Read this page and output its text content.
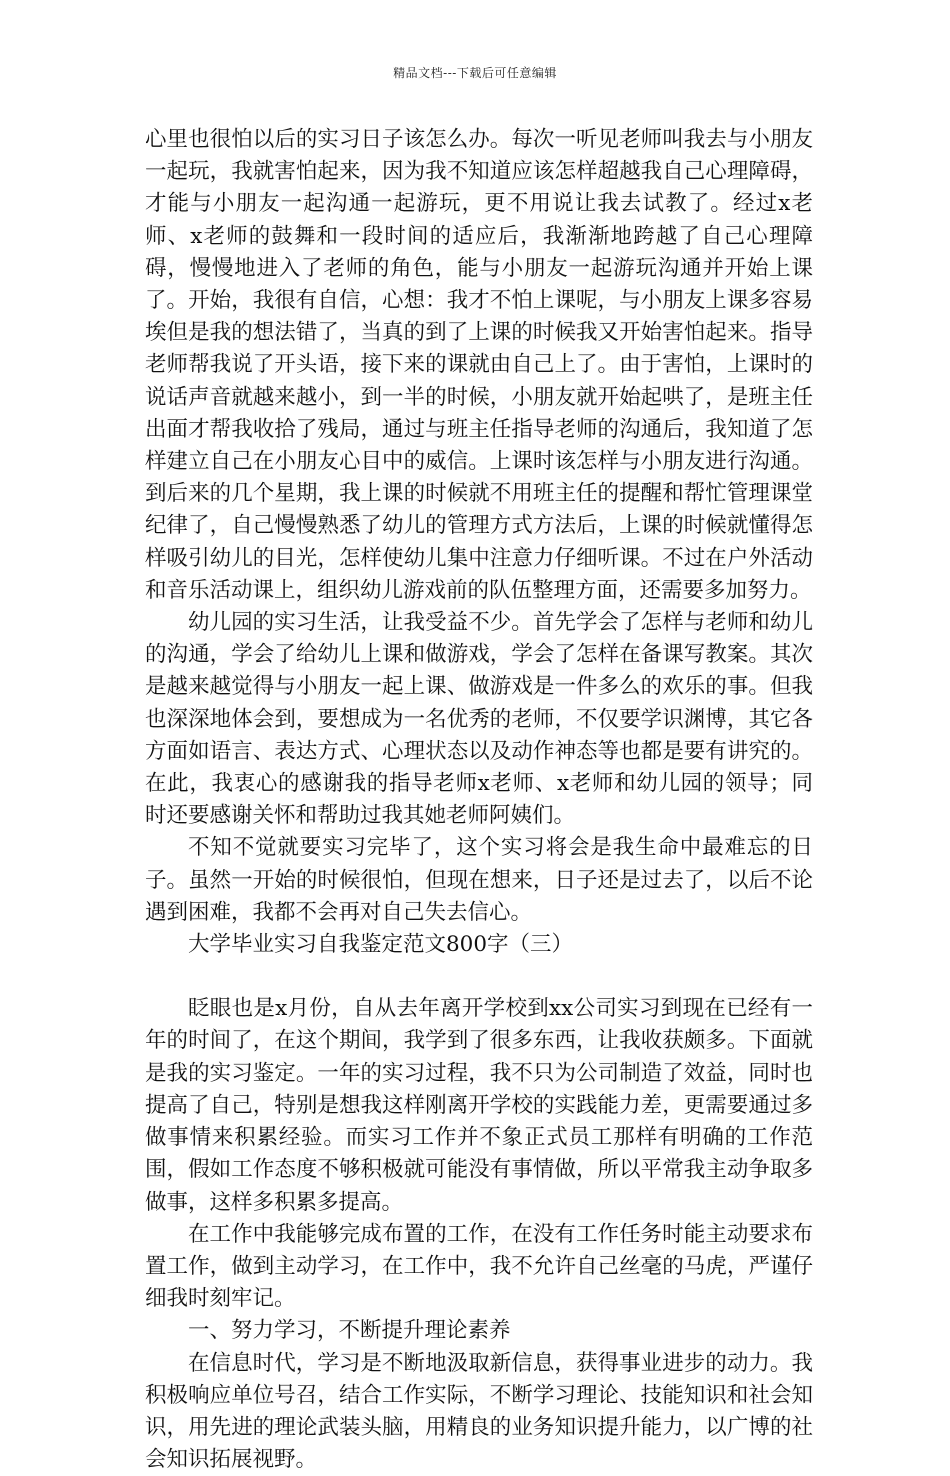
精品文档---下载后可任意编辑

心里也很怕以后的实习日子该怎么办。每次一听见老师叫我去与小朋友一起玩，我就害怕起来，因为我不知道应该怎样超越我自己心理障碍，才能与小朋友一起沟通一起游玩，更不用说让我去试教了。经过x老师、x老师的鼓舞和一段时间的适应后，我渐渐地跨越了自己心理障碍，慢慢地进入了老师的角色，能与小朋友一起游玩沟通并开始上课了。开始，我很有自信，心想：我才不怕上课呢，与小朋友上课多容易埃但是我的想法错了，当真的到了上课的时候我又开始害怕起来。指导老师帮我说了开头语，接下来的课就由自己上了。由于害怕，上课时的说话声音就越来越小，到一半的时候，小朋友就开始起哄了，是班主任出面才帮我收拾了残局，通过与班主任指导老师的沟通后，我知道了怎样建立自己在小朋友心目中的威信。上课时该怎样与小朋友进行沟通。到后来的几个星期，我上课的时候就不用班主任的提醒和帮忙管理课堂纪律了，自己慢慢熟悉了幼儿的管理方式方法后，上课的时候就懂得怎样吸引幼儿的目光，怎样使幼儿集中注意力仔细听课。不过在户外活动和音乐活动课上，组织幼儿游戏前的队伍整理方面，还需要多加努力。

幼儿园的实习生活，让我受益不少。首先学会了怎样与老师和幼儿的沟通，学会了给幼儿上课和做游戏，学会了怎样在备课写教案。其次是越来越觉得与小朋友一起上课、做游戏是一件多么的欢乐的事。但我也深深地体会到，要想成为一名优秀的老师，不仅要学识渊博，其它各方面如语言、表达方式、心理状态以及动作神态等也都是要有讲究的。在此，我衷心的感谢我的指导老师x老师、x老师和幼儿园的领导；同时还要感谢关怀和帮助过我其她老师阿姨们。

不知不觉就要实习完毕了，这个实习将会是我生命中最难忘的日子。虽然一开始的时候很怕，但现在想来，日子还是过去了，以后不论遇到困难，我都不会再对自己失去信心。

大学毕业实习自我鉴定范文800字（三）

眨眼也是x月份，自从去年离开学校到xx公司实习到现在已经有一年的时间了，在这个期间，我学到了很多东西，让我收获颇多。下面就是我的实习鉴定。一年的实习过程，我不只为公司制造了效益，同时也提高了自己，特别是想我这样刚离开学校的实践能力差，更需要通过多做事情来积累经验。而实习工作并不象正式员工那样有明确的工作范围，假如工作态度不够积极就可能没有事情做，所以平常我主动争取多做事，这样多积累多提高。

在工作中我能够完成布置的工作，在没有工作任务时能主动要求布置工作，做到主动学习，在工作中，我不允许自己丝毫的马虎，严谨仔细我时刻牢记。

一、努力学习，不断提升理论素养

在信息时代，学习是不断地汲取新信息，获得事业进步的动力。我积极响应单位号召，结合工作实际，不断学习理论、技能知识和社会知识，用先进的理论武装头脑，用精良的业务知识提升能力，以广博的社会知识拓展视野。
